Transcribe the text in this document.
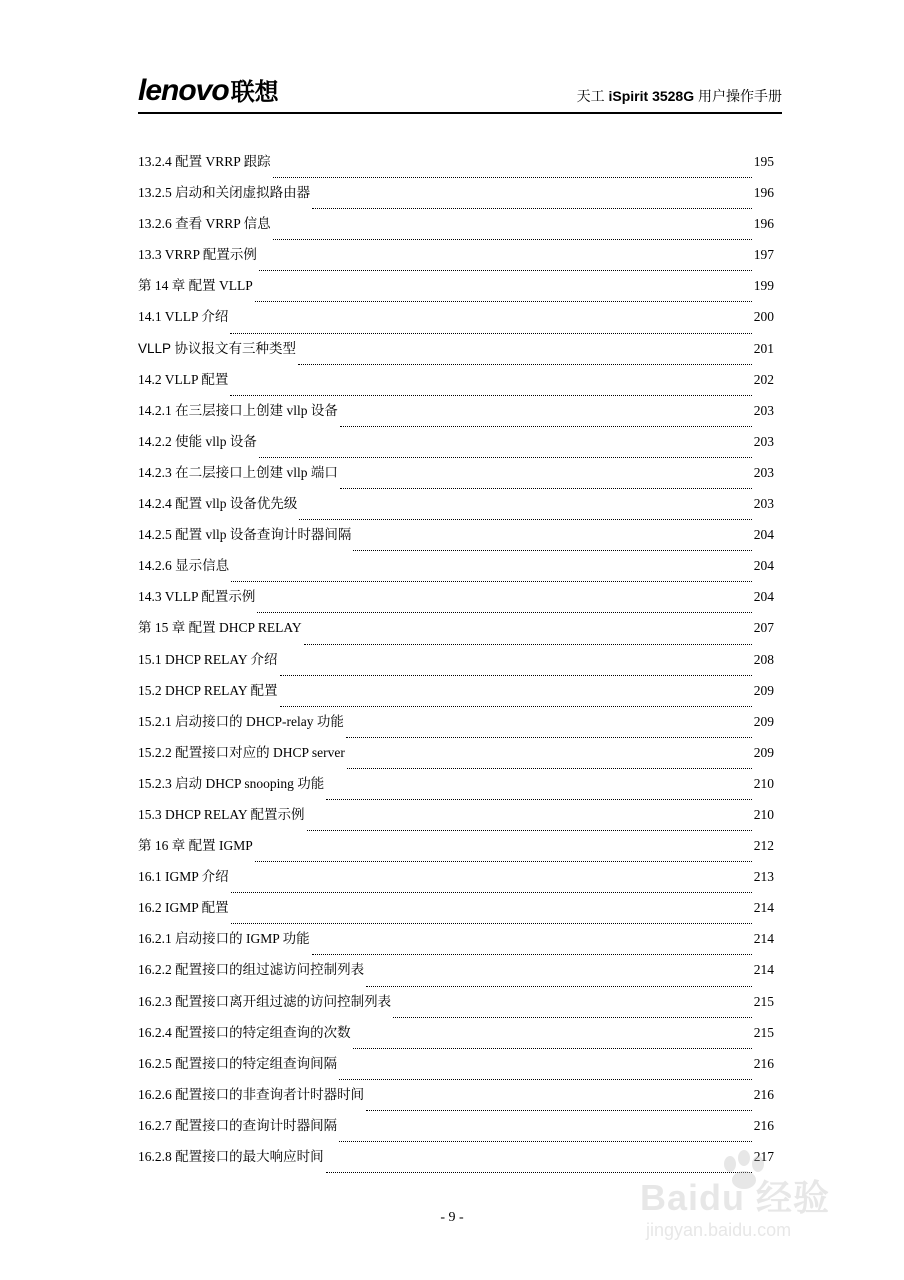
lenovo联想	天工 iSpirit 3528G 用户操作手册
13.2.4 配置 VRRP 跟踪	195
13.2.5 启动和关闭虚拟路由器	196
13.2.6 查看 VRRP 信息	196
13.3 VRRP 配置示例	197
第 14 章 配置 VLLP	199
14.1 VLLP 介绍	200
VLLP 协议报文有三种类型	201
14.2 VLLP 配置	202
14.2.1 在三层接口上创建 vllp 设备	203
14.2.2 使能 vllp 设备	203
14.2.3 在二层接口上创建 vllp 端口	203
14.2.4 配置 vllp 设备优先级	203
14.2.5 配置 vllp 设备查询计时器间隔	204
14.2.6 显示信息	204
14.3 VLLP 配置示例	204
第 15 章 配置 DHCP RELAY	207
15.1 DHCP RELAY 介绍	208
15.2 DHCP RELAY 配置	209
15.2.1 启动接口的 DHCP-relay 功能	209
15.2.2 配置接口对应的 DHCP server	209
15.2.3 启动 DHCP snooping 功能	210
15.3 DHCP RELAY 配置示例	210
第 16 章 配置 IGMP	212
16.1 IGMP 介绍	213
16.2 IGMP 配置	214
16.2.1 启动接口的 IGMP 功能	214
16.2.2 配置接口的组过滤访问控制列表	214
16.2.3 配置接口离开组过滤的访问控制列表	215
16.2.4 配置接口的特定组查询的次数	215
16.2.5 配置接口的特定组查询间隔	216
16.2.6 配置接口的非查询者计时器时间	216
16.2.7 配置接口的查询计时器间隔	216
16.2.8 配置接口的最大响应时间	217
- 9 -	Baidu 经验
jingyan.baidu.com
